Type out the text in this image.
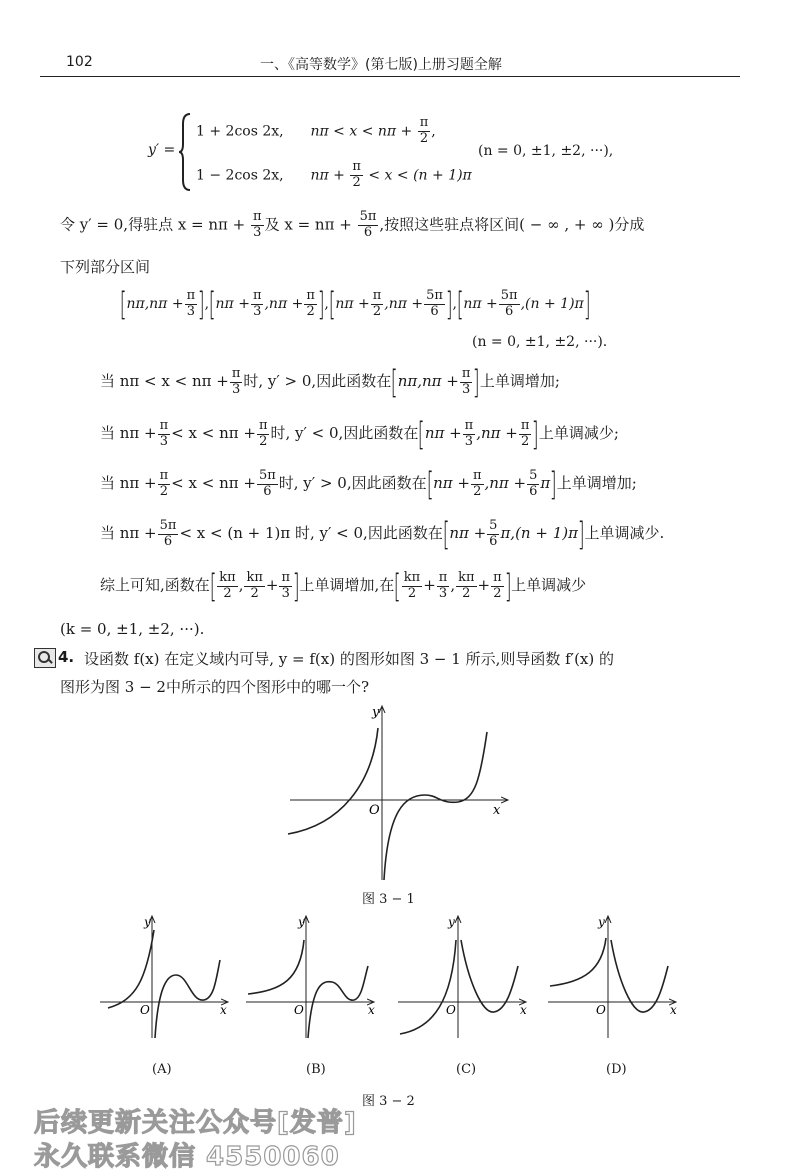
102	一、《高等数学》(第七版)上册习题全解
y′ =
1 + 2cos 2x, $n\pi < x < n\pi + \frac{\pi}{2}$ ,
1 − 2cos 2x, $n\pi + \frac{\pi}{2} < x < (n + 1)\pi$
(n = 0, ±1, ±2, ···),
令 y′ = 0,得驻点 $x = n\pi + \frac{\pi}{3}$ 及 $x = n\pi + \frac{5\pi}{6}$ ,按照这些驻点将区间( − ∞ , + ∞ )分成
下列部分区间
$[n\pi,n\pi + \frac{\pi}{3} ],[n\pi + \frac{\pi}{3} ,n\pi + \frac{\pi}{2} ],[n\pi + \frac{\pi}{2} ,n\pi + \frac{5\pi}{6} ],[n\pi + \frac{5\pi}{6} ,(n + 1)\pi]$
(n = 0, ±1, ±2, ···).
当 $n\pi < x < n\pi + \frac{\pi}{3}$ 时, y′ > 0,因此函数在[$n\pi,n\pi + \frac{\pi}{3}$ ]上单调增加;
当 $n\pi + \frac{\pi}{3} < x < n\pi + \frac{\pi}{2}$ 时, y′ < 0,因此函数在[$n\pi + \frac{\pi}{3} ,n\pi + \frac{\pi}{2}$ ]上单调减少;
当 $n\pi + \frac{\pi}{2} < x < n\pi + \frac{5\pi}{6}$ 时, y′ > 0,因此函数在$[n\pi + \frac{\pi}{2} ,n\pi + \frac{5}{6} \pi]$上单调增加;
当 $n\pi + \frac{5\pi}{6} < x < (n + 1)\pi$ 时, y′ < 0,因此函数在$[n\pi + \frac{5}{6} \pi,(n + 1)\pi]$上单调减少.
综上可知,函数在[ $\frac{k\pi}{2}$ , $\frac{k\pi}{2} + \frac{\pi}{3}$ ]上单调增加,在[ $\frac{k\pi}{2} + \frac{\pi}{3}$ , $\frac{k\pi}{2} + \frac{\pi}{2}$ ]上单调减少
(k = 0, ±1, ±2, ···).
4. 设函数 f(x) 在定义域内可导, y = f(x) 的图形如图 3 − 1 所示,则导函数 f′(x) 的
图形为图 3 − 2中所示的四个图形中的哪一个?
y
x
O
图 3 − 1
y
x
O
y
x
O
y
x
O
y
x
O
(A)	(B)	(C)	(D)
图 3 − 2
后续更新关注公众号[发普]
永久联系微信 4550060
